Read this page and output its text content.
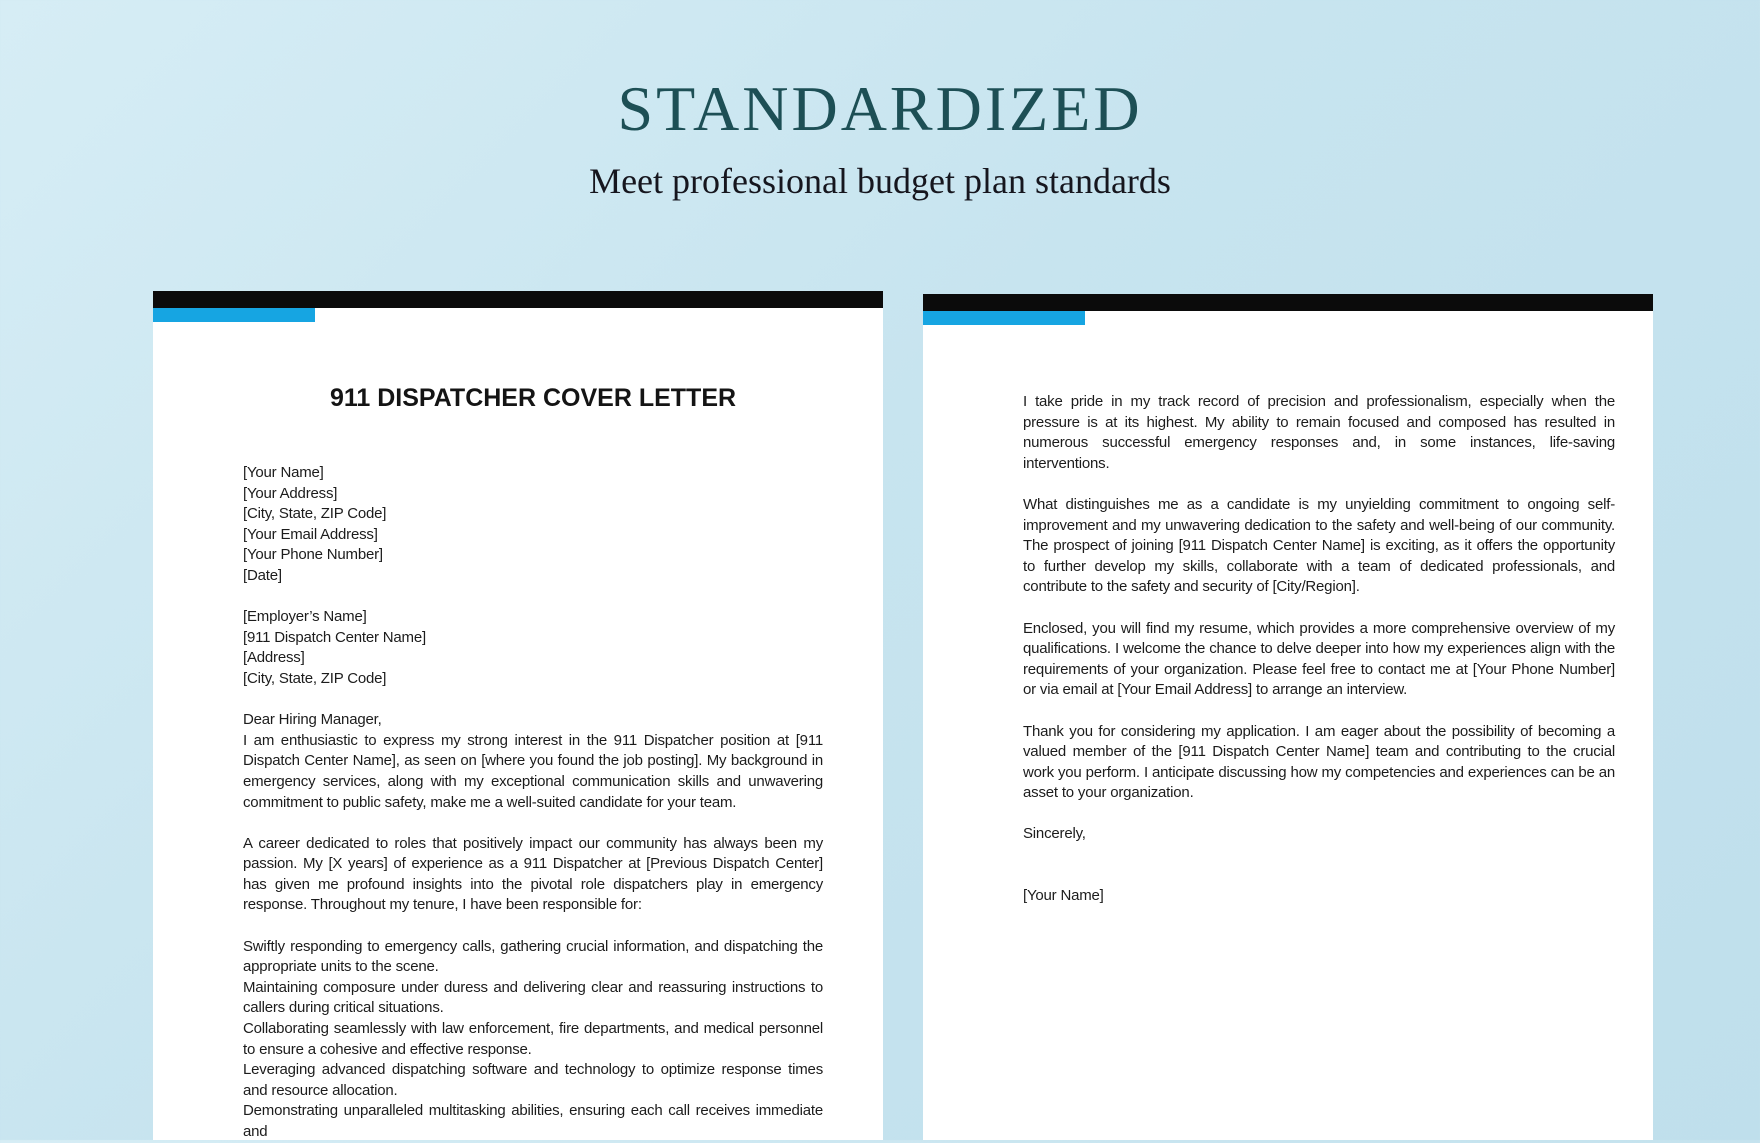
STANDARDIZED
Meet professional budget plan standards
911 DISPATCHER COVER LETTER
[Your Name]
[Your Address]
[City, State, ZIP Code]
[Your Email Address]
[Your Phone Number]
[Date]
[Employer’s Name]
[911 Dispatch Center Name]
[Address]
[City, State, ZIP Code]
Dear Hiring Manager,
I am enthusiastic to express my strong interest in the 911 Dispatcher position at [911 Dispatch Center Name], as seen on [where you found the job posting]. My background in emergency services, along with my exceptional communication skills and unwavering commitment to public safety, make me a well-suited candidate for your team.
A career dedicated to roles that positively impact our community has always been my passion. My [X years] of experience as a 911 Dispatcher at [Previous Dispatch Center] has given me profound insights into the pivotal role dispatchers play in emergency response. Throughout my tenure, I have been responsible for:
Swiftly responding to emergency calls, gathering crucial information, and dispatching the appropriate units to the scene.
Maintaining composure under duress and delivering clear and reassuring instructions to callers during critical situations.
Collaborating seamlessly with law enforcement, fire departments, and medical personnel to ensure a cohesive and effective response.
Leveraging advanced dispatching software and technology to optimize response times and resource allocation.
Demonstrating unparalleled multitasking abilities, ensuring each call receives immediate and
I take pride in my track record of precision and professionalism, especially when the pressure is at its highest. My ability to remain focused and composed has resulted in numerous successful emergency responses and, in some instances, life-saving interventions.
What distinguishes me as a candidate is my unyielding commitment to ongoing self-improvement and my unwavering dedication to the safety and well-being of our community. The prospect of joining [911 Dispatch Center Name] is exciting, as it offers the opportunity to further develop my skills, collaborate with a team of dedicated professionals, and contribute to the safety and security of [City/Region].
Enclosed, you will find my resume, which provides a more comprehensive overview of my qualifications. I welcome the chance to delve deeper into how my experiences align with the requirements of your organization. Please feel free to contact me at [Your Phone Number] or via email at [Your Email Address] to arrange an interview.
Thank you for considering my application. I am eager about the possibility of becoming a valued member of the [911 Dispatch Center Name] team and contributing to the crucial work you perform. I anticipate discussing how my competencies and experiences can be an asset to your organization.
Sincerely,
[Your Name]
